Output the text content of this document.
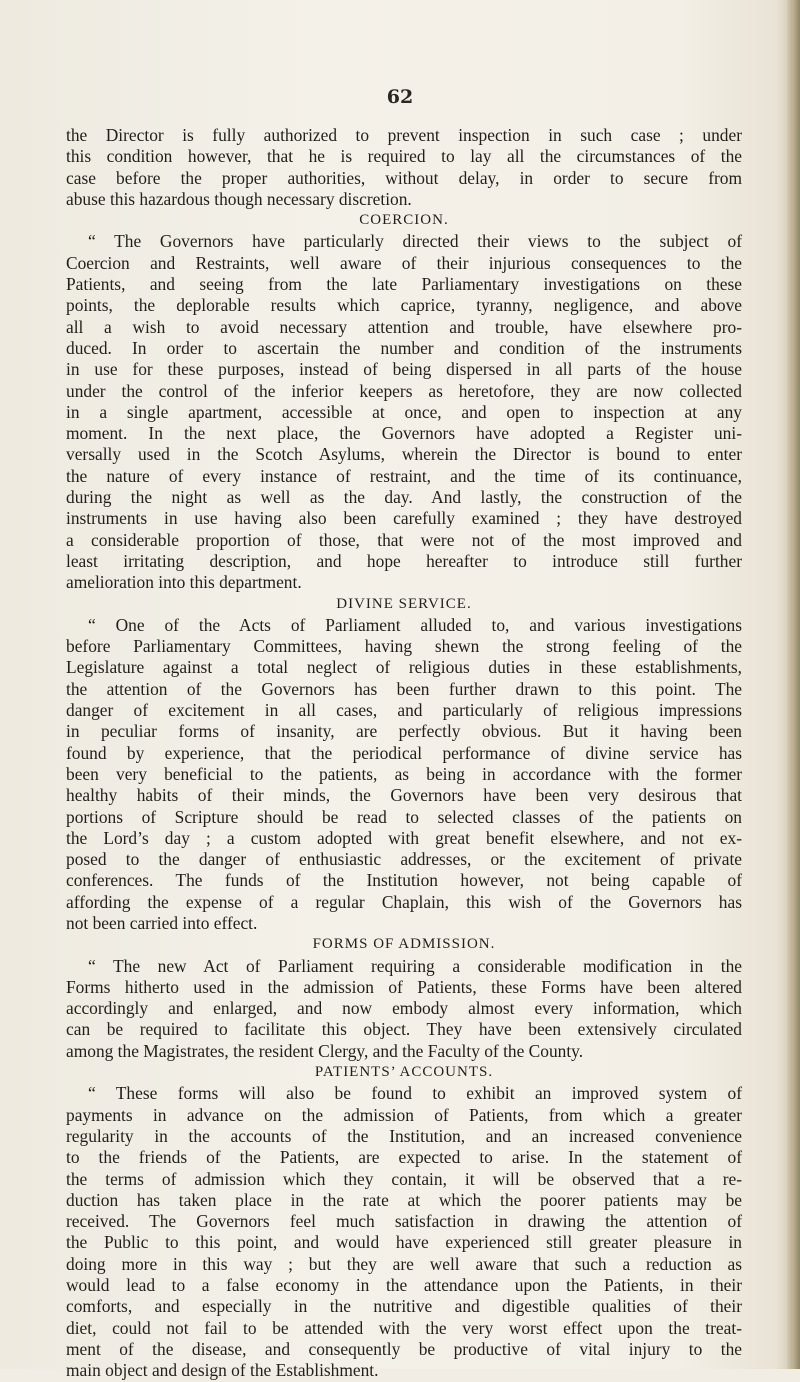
62
the Director is fully authorized to prevent inspection in such case ; under
this condition however, that he is required to lay all the circumstances of the
case before the proper authorities, without delay, in order to secure from
abuse this hazardous though necessary discretion.
COERCION.
“ The Governors have particularly directed their views to the subject of
Coercion and Restraints, well aware of their injurious consequences to the
Patients, and seeing from the late Parliamentary investigations on these
points, the deplorable results which caprice, tyranny, negligence, and above
all a wish to avoid necessary attention and trouble, have elsewhere pro-
duced. In order to ascertain the number and condition of the instruments
in use for these purposes, instead of being dispersed in all parts of the house
under the control of the inferior keepers as heretofore, they are now collected
in a single apartment, accessible at once, and open to inspection at any
moment. In the next place, the Governors have adopted a Register uni-
versally used in the Scotch Asylums, wherein the Director is bound to enter
the nature of every instance of restraint, and the time of its continuance,
during the night as well as the day. And lastly, the construction of the
instruments in use having also been carefully examined ; they have destroyed
a considerable proportion of those, that were not of the most improved and
least irritating description, and hope hereafter to introduce still further
amelioration into this department.
DIVINE SERVICE.
“ One of the Acts of Parliament alluded to, and various investigations
before Parliamentary Committees, having shewn the strong feeling of the
Legislature against a total neglect of religious duties in these establishments,
the attention of the Governors has been further drawn to this point. The
danger of excitement in all cases, and particularly of religious impressions
in peculiar forms of insanity, are perfectly obvious. But it having been
found by experience, that the periodical performance of divine service has
been very beneficial to the patients, as being in accordance with the former
healthy habits of their minds, the Governors have been very desirous that
portions of Scripture should be read to selected classes of the patients on
the Lord’s day ; a custom adopted with great benefit elsewhere, and not ex-
posed to the danger of enthusiastic addresses, or the excitement of private
conferences. The funds of the Institution however, not being capable of
affording the expense of a regular Chaplain, this wish of the Governors has
not been carried into effect.
FORMS OF ADMISSION.
“ The new Act of Parliament requiring a considerable modification in the
Forms hitherto used in the admission of Patients, these Forms have been altered
accordingly and enlarged, and now embody almost every information, which
can be required to facilitate this object. They have been extensively circulated
among the Magistrates, the resident Clergy, and the Faculty of the County.
PATIENTS’ ACCOUNTS.
“ These forms will also be found to exhibit an improved system of
payments in advance on the admission of Patients, from which a greater
regularity in the accounts of the Institution, and an increased convenience
to the friends of the Patients, are expected to arise. In the statement of
the terms of admission which they contain, it will be observed that a re-
duction has taken place in the rate at which the poorer patients may be
received. The Governors feel much satisfaction in drawing the attention of
the Public to this point, and would have experienced still greater pleasure in
doing more in this way ; but they are well aware that such a reduction as
would lead to a false economy in the attendance upon the Patients, in their
comforts, and especially in the nutritive and digestible qualities of their
diet, could not fail to be attended with the very worst effect upon the treat-
ment of the disease, and consequently be productive of vital injury to the
main object and design of the Establishment.
